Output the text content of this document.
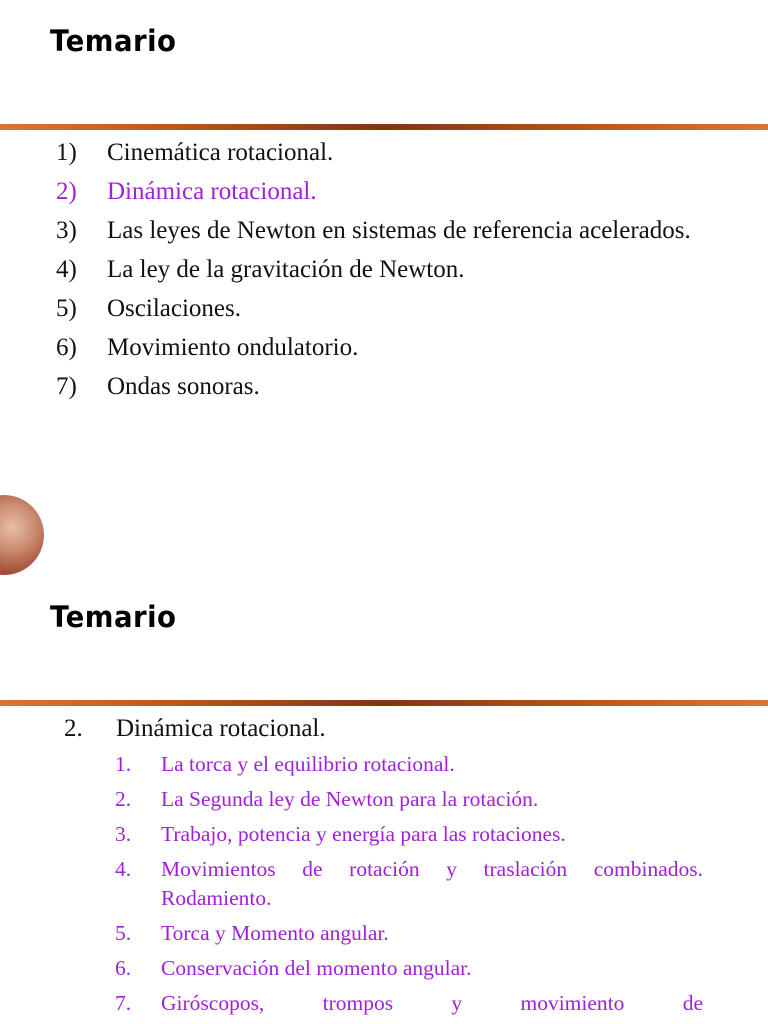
Temario
1)	Cinemática rotacional.
2)	Dinámica rotacional.
3)	Las leyes de Newton en sistemas de referencia acelerados.
4)	La ley de la gravitación de Newton.
5)	Oscilaciones.
6)	Movimiento ondulatorio.
7)	Ondas sonoras.
Temario
2.	Dinámica rotacional.
1.	La torca y el equilibrio rotacional.
2.	La Segunda ley de Newton para la rotación.
3.	Trabajo, potencia y energía para las rotaciones.
4.	Movimientos de rotación y traslación combinados. Rodamiento.
5.	Torca y Momento angular.
6.	Conservación del momento angular.
7.	Giróscopos, trompos y movimiento de
